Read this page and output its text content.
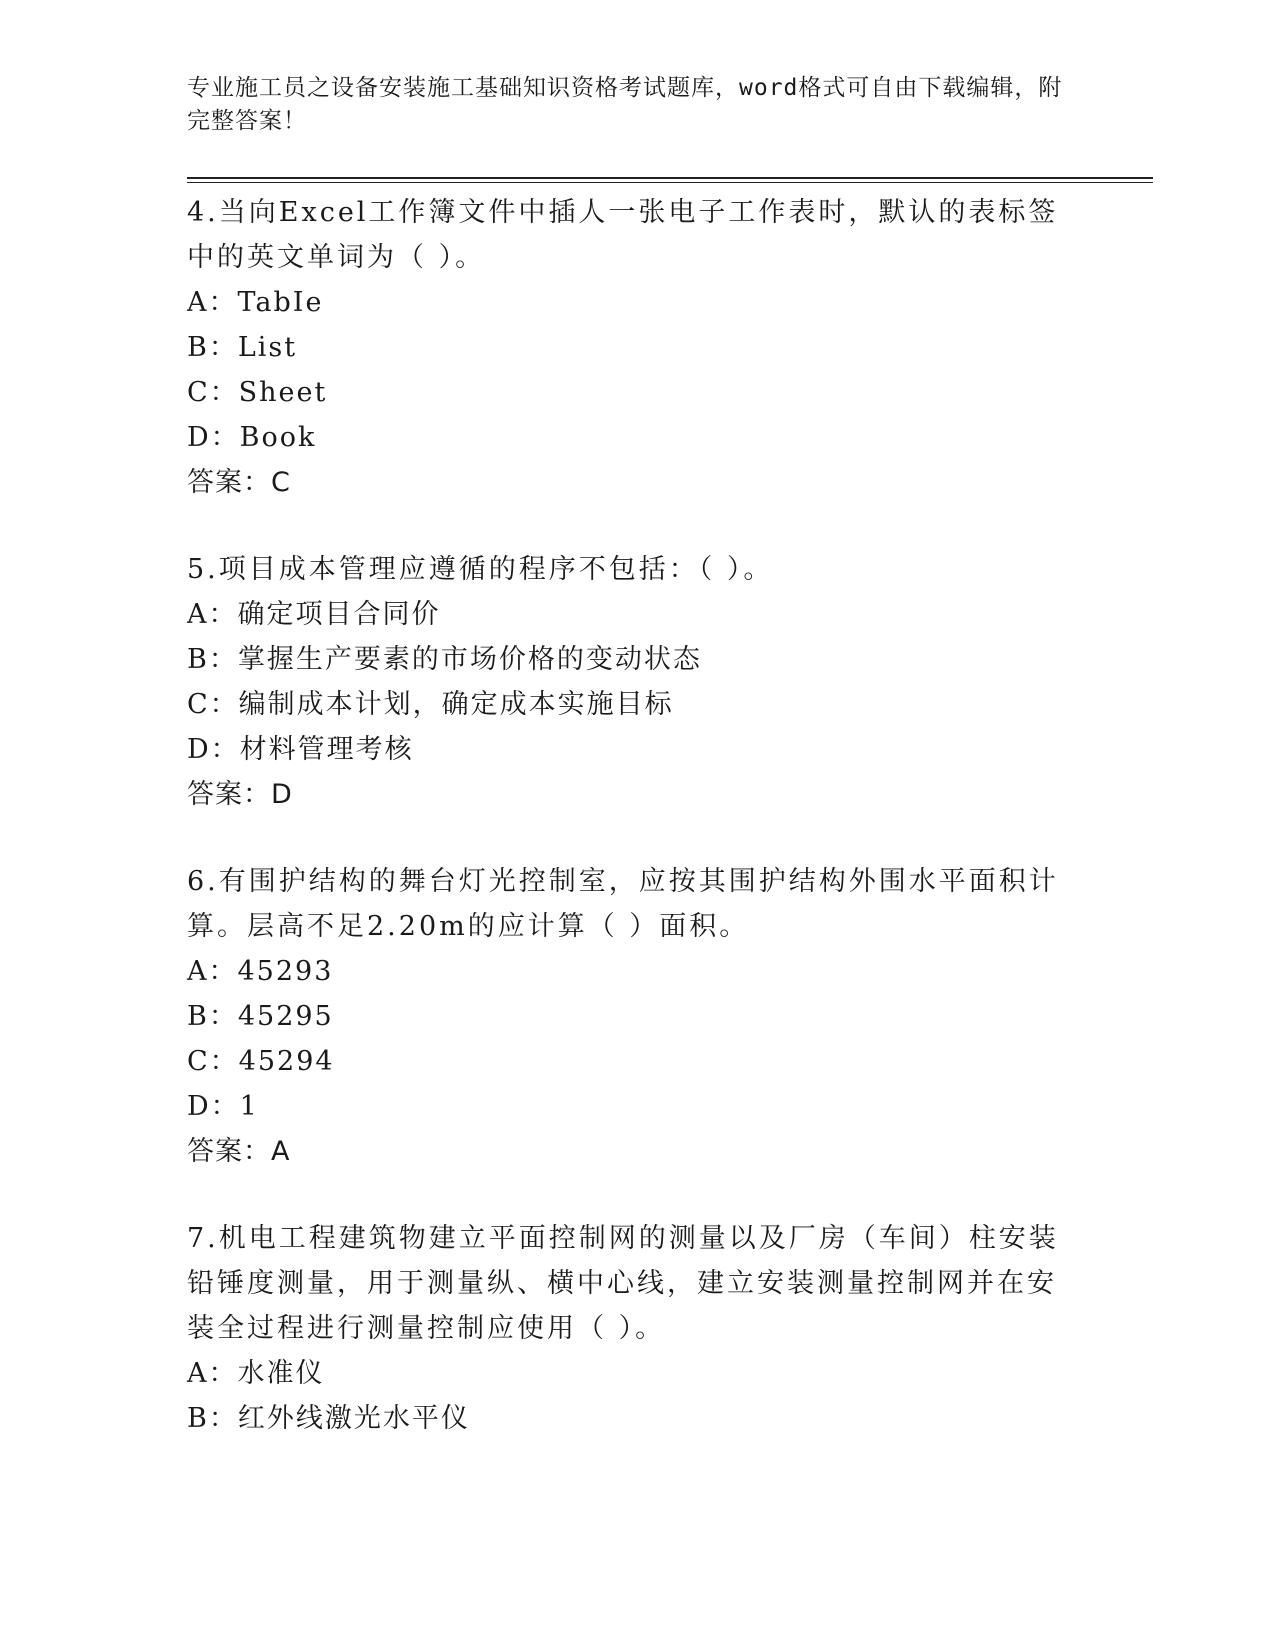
专业施工员之设备安装施工基础知识资格考试题库，word格式可自由下载编辑，附完整答案！

4.当向Excel工作簿文件中插人一张电子工作表时，默认的表标签中的英文单词为（ ）。

A：TabIe

B：List

C：Sheet

D：Book

答案：C

5.项目成本管理应遵循的程序不包括：（ ）。

A：确定项目合同价

B：掌握生产要素的市场价格的变动状态

C：编制成本计划，确定成本实施目标

D：材料管理考核

答案：D

6.有围护结构的舞台灯光控制室，应按其围护结构外围水平面积计算。层高不足2.20m的应计算（ ）面积。

A：45293

B：45295

C：45294

D：1

答案：A

7.机电工程建筑物建立平面控制网的测量以及厂房（车间）柱安装铅锤度测量，用于测量纵、横中心线，建立安装测量控制网并在安装全过程进行测量控制应使用（ ）。

A：水准仪

B：红外线激光水平仪
